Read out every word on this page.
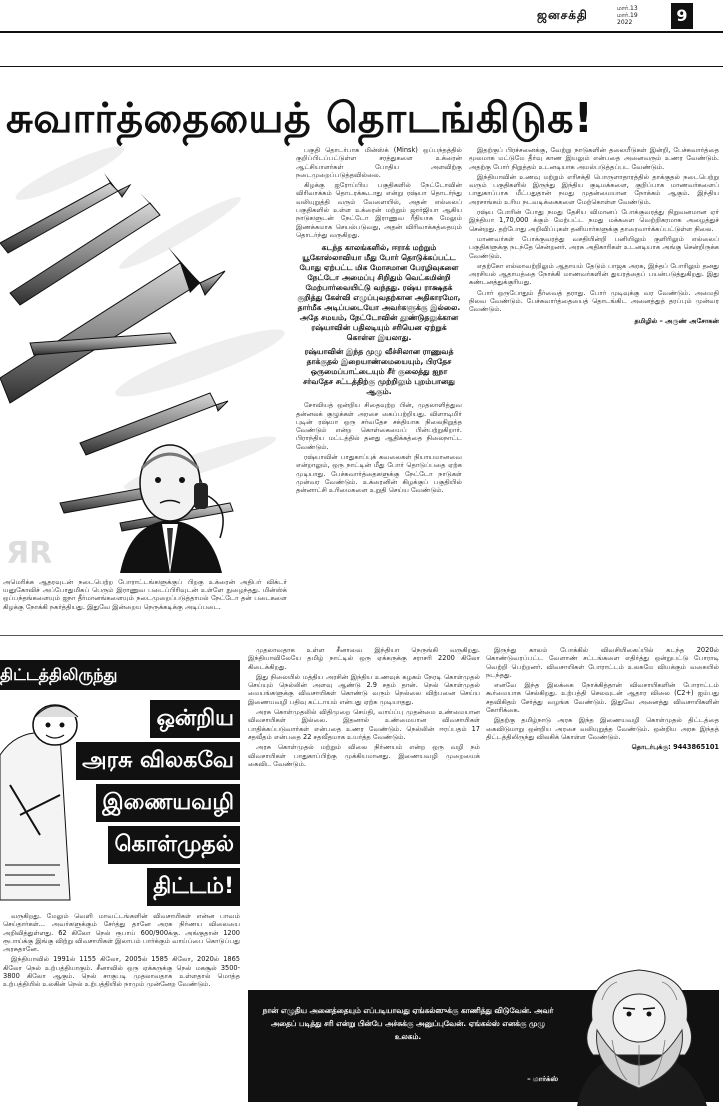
ஜனசக்தி	மார்.13
மார்.19
2022	9
சுவார்த்தையைத் தொடங்கிடுக!
ЯR
அமெரிக்க ஆதரவுடன் நடைபெற்ற போராட்டங்களுக்குப் பிறகு உக்ரைன் அதிபர் விக்டர் யனுகோவிச் அப்போதுமிகப் பெரும் இராணுவ படைப்பிரிவுடன் உள்ளே நுழைந்தது. மின்ஸ்க் ஒப்பந்தங்களையும் ஐநா தீர்மானங்களையும் நடைமுறைப்படுத்தாமல் நேட்டோ தன் படைகளை கிழக்கு நோக்கி நகர்த்தியது. இதுவே இன்றைய நெருக்கடிக்கு அடிப்படை.

பகுதி தொடர்பாக மின்ஸ்க் (Minsk) ஒப்பந்தத்தில் குறிப்பிடப்பட்டுள்ள சரத்துகளை உக்ரைன் ஆட்சியாளர்கள் போதிய அளவிற்கு நடைமுறைப்படுத்தவில்லை.

கிழக்கு ஐரோப்பிய பகுதிகளில் நேட்டோவின் விரிவாக்கம் தொடரக்கூடாது என்று ரஷ்யா தொடர்ந்து வலியுறுத்தி வரும் வேளையில், அதன் எல்லைப் பகுதிகளில் உள்ள உக்ரைன் மற்றும் ஜார்ஜியா ஆகிய நாடுகளுடன் நேட்டோ இராணுவ ரீதியாக மேலும் இணக்கமாக செயல்படுவது, அதன் விரிவாக்கத்தையும் தொடர்ந்து வருகிறது.

கடந்த காலங்களில், ஈராக் மற்றும் யூகோஸ்லாவியா மீது போர் தொடுக்கப்பட்ட போது ஏற்பட்ட மிக மோசமான பேரழிவுகளை நேட்டோ அமைப்பு சிறிதும் வெட்கமின்றி மேற்பார்வையிட்டு வந்தது. ரஷ்ய ராக்ஷதக் குறித்து கேள்வி எழுப்புவதற்கான அதிகாரமோ, தார்மீக அடிப்படையோ அவர்களுக்கு இல்லை. அதே சமயம், நேட்டோவின் தூண்டுதலுக்கான ரஷ்யாவின் பதிலடியும் சரியென ஏற்றுக் கொள்ள இயலாது.

ரஷ்யாவின் இந்த முழு வீச்சிலான ராணுவத் தாக்குதல் இறையாண்மையையும், பிரதேச ஒருமைப்பாட்டையும் சீர் குலைத்து ஐநா சர்வதேச சட்டத்திற்கு முற்றிலும் புறம்பானது ஆகும்.

சோவியத் ஒன்றிய சிதைவுற்ற பின், முதலாளித்துவ தன்னலக் குழுக்கள் அரசை கைப்பற்றியது. விளாடிமிர் புடின் ரஷ்யா ஒரு சர்வதேச சக்தியாக நிலைநிறுத்த வேண்டும் என்ற கொள்கையைப் பின்பற்றுகிறார். பிராந்திய மட்டத்தில் தனது ஆதிக்கத்தை நிலைநாட்ட வேண்டும்.

ரஷ்யாவின் பாதுகாப்புக் கவலைகள் நியாயமானவை என்றாலும், ஒரு நாட்டின் மீது போர் தொடுப்பதை ஏற்க முடியாது. பேச்சுவார்த்தைகளுக்கு நேட்டோ நாடுகள் முன்வர வேண்டும். உக்ரைனின் கிழக்குப் பகுதியில் தன்னாட்சி உரிமைகளை உறுதி செய்ய வேண்டும்.

இதற்குப் பிரச்சனைக்கு, வேற்று நாடுகளின் தலையீடுகள் இன்றி, பேச்சுவார்த்தை மூலமாக மட்டுமே தீர்வு காண இயலும் என்பதை அனைவரும் உணர வேண்டும். அதற்கு போர் நிறுத்தம் உடனடியாக அமல்படுத்தப்பட வேண்டும்.

இந்தியாவின் உணவு மற்றும் எரிசக்தி பொருளாதாரத்தில் தாக்குதல் நடைபெற்று வரும் பகுதிகளில் இருந்து இந்திய குடிமக்களை, குறிப்பாக மாணவர்களைப் பாதுகாப்பாக மீட்பதுதான் நமது முதன்மையான நோக்கம் ஆகும். இந்திய அரசாங்கம் உரிய நடவடிக்கைகளை மேற்கொள்ள வேண்டும்.

ரஷ்ய போரின் போது நமது தேசிய விமானப் போக்குவரத்து நிறுவனமான ஏர் இந்தியா 1,70,000 க்கும் மேற்பட்ட நமது மக்களை வெற்றிகரமாக அழைத்துச் சென்றது. தற்போது அறிவிப்புகள் தனியார்களுக்கு தாரைவார்க்கப்பட்டுள்ள நிலை.

மாணவர்கள் போக்குவரத்து வசதியின்றி பனியிலும் குளிரிலும் எல்லைப் பகுதிகளுக்கு நடந்தே சென்றனர். அரசு அதிகாரிகள் உடனடியாக அங்கு சென்றிருக்க வேண்டும்.

எதற்கோ எல்லாவற்றிலும் ஆதாயம் தேடும் பாஜக அரசு, இந்தப் போரிலும் தனது அரசியல் ஆதாயத்தை நோக்கி மாணவர்களின் துயரத்தைப் பயன்படுத்துகிறது. இது கண்டனத்துக்குரியது.

போர் ஒருபோதும் தீர்வைத் தராது. போர் முடிவுக்கு வர வேண்டும். அமைதி நிலவ வேண்டும். பேச்சுவார்த்தையைத் தொடங்கிட அனைத்துத் தரப்பும் முன்வர வேண்டும்.

தமிழில் – அருண் அசோகன்

திட்டத்திலிருந்து
ஒன்றிய
அரசு விலகவே
இணையவழி
கொள்முதல்
திட்டம்!

வருகிறது. மேலும் வெளி மாவட்டங்களின் விவசாயிகள் என்ன பாவம் செய்தார்கள்... அவர்களுக்கும் சேர்த்து தானே அரசு நிர்ணய விலையை அறிவித்துள்ளது. 62 கிலோ நெல் ரூபாய் 600/900க்கு. அங்குதான் 1200 ரூபாய்க்கு இங்கு விற்று விவசாயிகள் இலாபம் பார்க்கும் வாய்ப்பை கொடுப்பது அரசுதானே.

இந்தியாவில் 1991ல் 1155 கிலோ, 2005ல் 1585 கிலோ, 2020ல் 1865 கிலோ நெல் உற்பத்தியாகும். சீனாவில் ஒரு ஏக்கருக்கு நெல் மகசூல் 3500-3800 கிலோ ஆகும். நெல் சாகுபடி முதலாவதாக உள்ளதால் மொத்த உற்பத்தியில் உலகின் நெல் உற்பத்தியில் நாமும் முன்னேற வேண்டும்.

முதலாவதாக உள்ள சீனாவை இந்தியா நெருங்கி வருகிறது. இந்தியாவிலேயே தமிழ் நாட்டில் ஒரு ஏக்கருக்கு சராசரி 2200 கிலோ கிடைக்கிறது.

இது நிலையில் மத்திய அரசின் இந்திய உணவுக் கழகம் நேரடி கொள்முதல் செய்யும் நெல்லின் அளவு ஆண்டு 2.9 சதம் தான். நெல் கொள்முதல் மையங்களுக்கு விவசாயிகள் கொண்டு வரும் நெல்லை விற்பனை செய்ய இணையவழி பதிவு கட்டாயம் என்பது ஏற்க முடியாதது.

அரசு கொள்முதலில் விதிமுறை செய்தி, வாய்ப்பு முதன்மை உண்மையான விவசாயிகள் இல்லை. இதனால் உண்மையான விவசாயிகள் பாதிக்கப்படுவார்கள் என்பதை உணர வேண்டும். நெல்லின் ஈரப்பதம் 17 சதவீதம் என்பதை 22 சதவீதமாக உயர்த்த வேண்டும்.

அரசு கொள்முதல் மற்றும் விலை நிர்ணயம் என்ற ஒரு வழி நம் விவசாயிகள் பாதுகாப்பிற்கு முக்கியமானது. இணையவழி முறையைக் கைவிட வேண்டும்.

இருந்து காலம் போக்கில் விவசியிகைப்பில் கடந்த 2020ல் கொண்டுவரப்பட்ட வேளாண் சட்டங்களை எதிர்த்து ஒன்றுபட்டு போராடி வெற்றி பெற்றனர். விவசாயிகள் போராட்டம் உலகமே வியக்கும் வகையில் நடந்தது.

எனவே இந்த இலக்கை நோக்கித்தான் விவசாயிகளின் போராட்டம் கூர்மையாக செல்கிறது. உற்பத்தி செலவுடன் ஆதார விலை (C2+) ஐம்பது சதவிகிதம் சேர்த்து வழங்க வேண்டும். இதுவே அனைத்து விவசாயிகளின் கோரிக்கை.

இதற்கு தமிழ்நாடு அரசு இந்த இணையவழி கொள்முதல் திட்டத்தை கைவிடுமாறு ஒன்றிய அரசை வலியுறுத்த வேண்டும். ஒன்றிய அரசு இந்தத் திட்டத்திலிருந்து விலகிக் கொள்ள வேண்டும்.

தொடர்புக்கு: 9443865101

நான் எழுதிய அனைத்தையும் எப்படியாவது ஏங்கல்ஸுக்கு காணித்து விடுவேன். அவர் அதைப் படித்து சரி என்று பின்பே அச்சுக்கு அனுப்புவேன். ஏங்கல்ஸ் எனக்கு முழு உலகம்.
– மார்க்ஸ்
